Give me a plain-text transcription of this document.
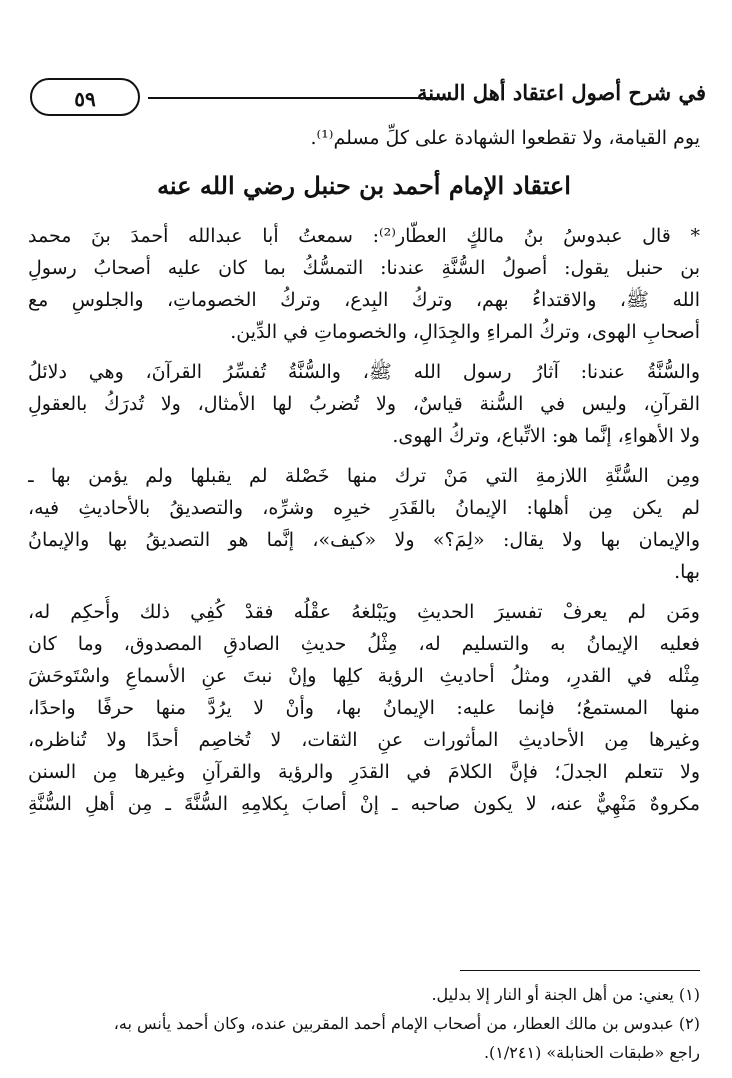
في شرح أصول اعتقاد أهل السنة
٥٩
يوم القيامة، ولا تقطعوا الشهادة على كلِّ مسلم⁽¹⁾.
اعتقاد الإمام أحمد بن حنبل رضي الله عنه
* قال عبدوسُ بنُ مالكٍ العطّار⁽²⁾: سمعتُ أبا عبدالله أحمدَ بنَ محمد
بن حنبل يقول: أصولُ السُّنَّةِ عندنا: التمسُّكُ بما كان عليه أصحابُ رسولِ
الله ﷺ، والاقتداءُ بهم، وتركُ البِدع، وتركُ الخصوماتِ، والجلوسِ مع
أصحابِ الهوى، وتركُ المراءِ والجِدَالِ، والخصوماتِ في الدِّين.
والسُّنَّةُ عندنا: آثارُ رسول الله ﷺ، والسُّنَّةُ تُفسِّرُ القرآنَ، وهي دلائلُ
القرآنِ، وليس في السُّنة قياسٌ، ولا تُضربُ لها الأمثال، ولا تُدرَكُ بالعقولِ
ولا الأهواءِ، إنَّما هو: الاتِّباع، وتركُ الهوى.
ومِن السُّنَّةِ اللازمةِ التي مَنْ ترك منها خَصْلة لم يقبلها ولم يؤمن بها ـ
لم يكن مِن أهلها: الإيمانُ بالقَدَرِ خيرِه وشرِّه، والتصديقُ بالأحاديثِ فيه،
والإيمان بها ولا يقال: «لِمَ؟» ولا «كيف»، إنَّما هو التصديقُ بها والإيمانُ
بها.
ومَن لم يعرفْ تفسيرَ الحديثِ ويَبْلغهُ عقْلُه فقدْ كُفِي ذلك وأُحكِم له،
فعليه الإيمانُ به والتسليم له، مِثْلُ حديثِ الصادقِ المصدوق، وما كان
مِثْله في القدرِ، ومثلُ أحاديثِ الرؤية كلِها وإنْ نبتَ عنِ الأسماعِ واسْتَوحَشَ
منها المستمعُ؛ فإنما عليه: الإيمانُ بها، وأنْ لا يرُدَّ منها حرفًا واحدًا،
وغيرها مِن الأحاديثِ المأثورات عنِ الثقات، لا تُخاصِم أحدًا ولا تُناظره،
ولا تتعلم الجدلَ؛ فإنَّ الكلامَ في القدَرِ والرؤية والقرآنِ وغيرها مِن السنن
مكروهٌ مَنْهِيٌّ عنه، لا يكون صاحبه ـ إنْ أصابَ بِكلامِهِ السُّنَّةَ ـ مِن أهلِ السُّنَّةِ
(١) يعني: من أهل الجنة أو النار إلا بدليل.
(٢) عبدوس بن مالك العطار، من أصحاب الإمام أحمد المقربين عنده، وكان أحمد يأنس به،
راجع «طبقات الحنابلة» (١/٢٤١).
